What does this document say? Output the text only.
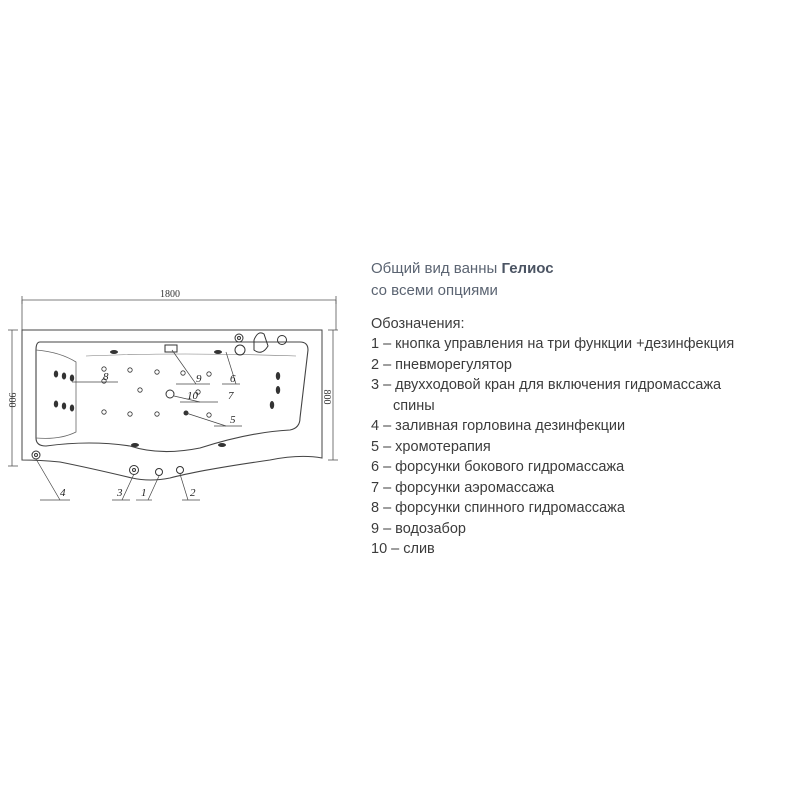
1800
900	800
4	3 1	2
8	9	6
10	7
5
Общий вид ванны Гелиос
со всеми опциями
Обозначения:
1 – кнопка управления на три функции +дезинфекция
2 – пневморегулятор
3 – двухходовой кран для включения гидромассажа
спины
4 – заливная горловина дезинфекции
5 – хромотерапия
6 – форсунки бокового гидромассажа
7 – форсунки аэромассажа
8 – форсунки спинного гидромассажа
9 – водозабор
10 – слив
